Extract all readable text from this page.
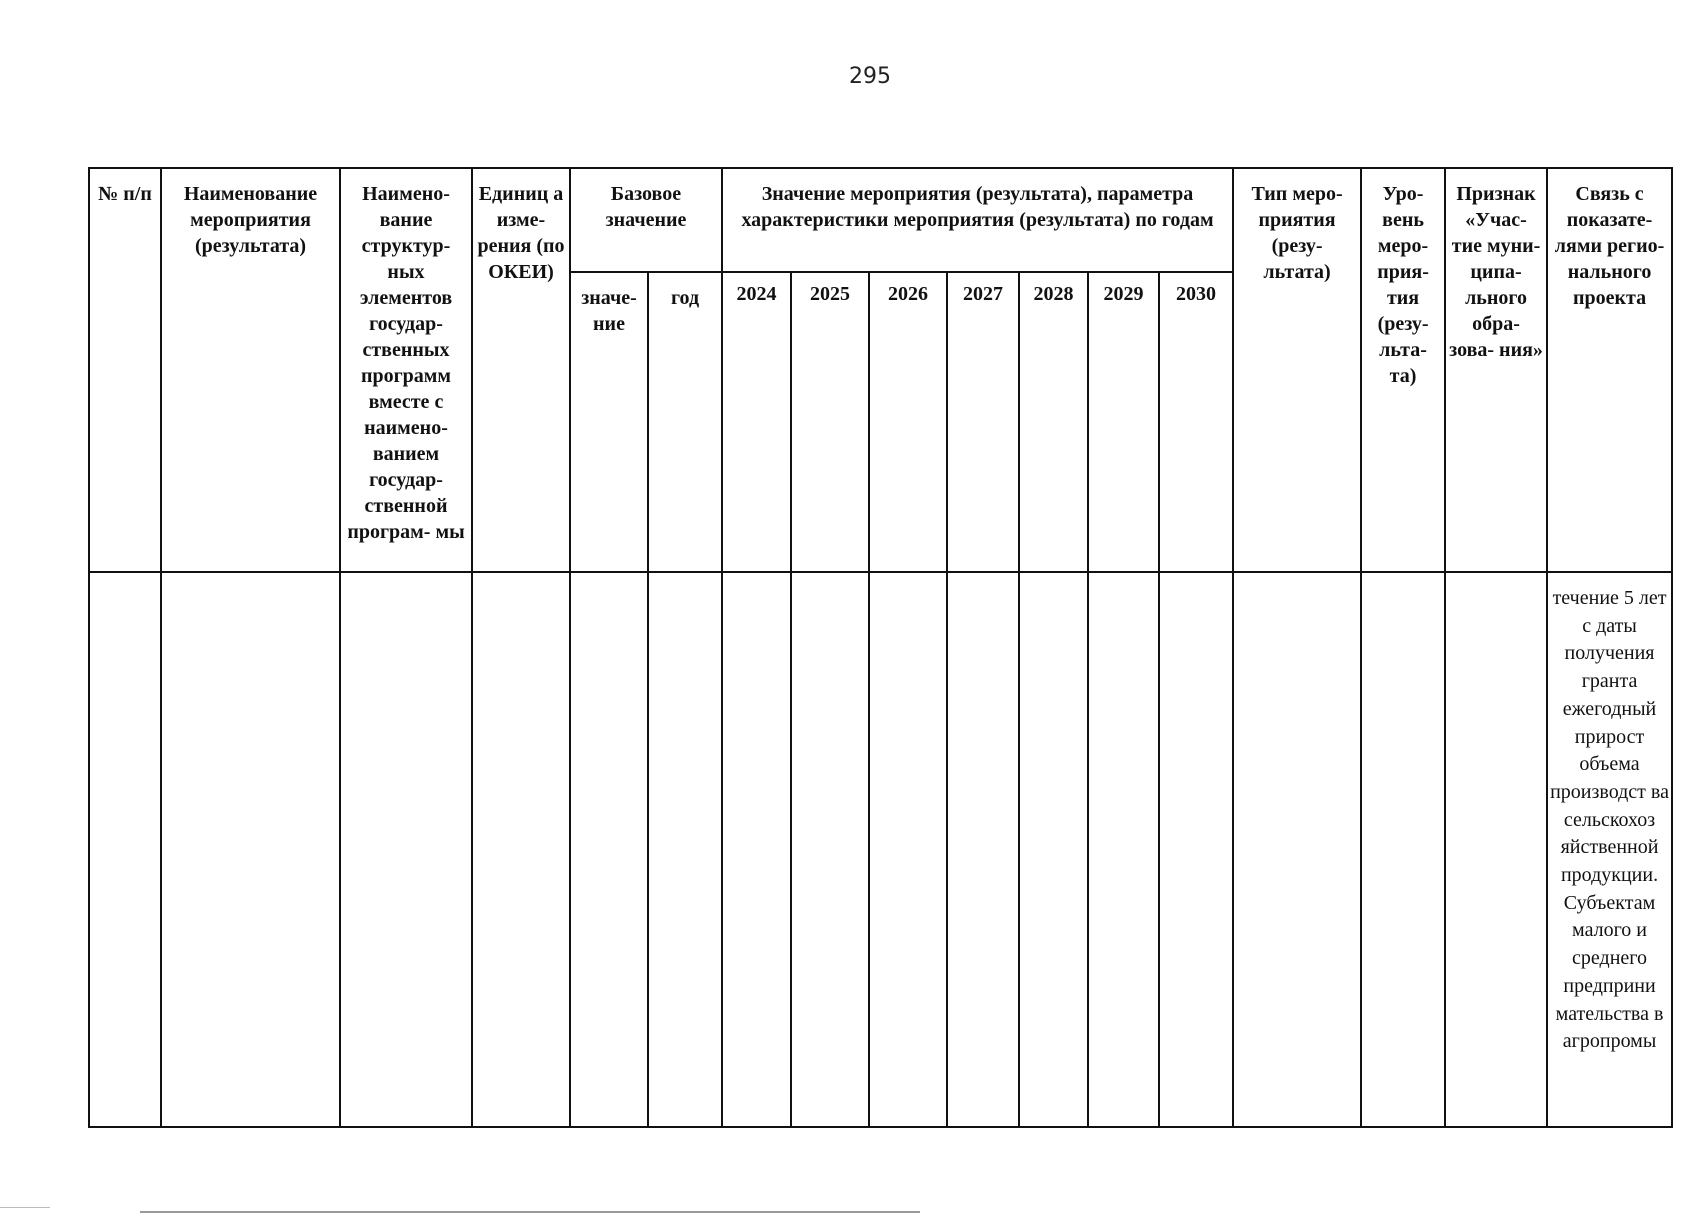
295
№ п/п	Наименование мероприятия (результата)	Наимено- вание структур- ных элементов государ- ственных программ вместе с наимено- ванием государ- ственной програм- мы	Единиц а изме- рения (по ОКЕИ)	Базовое значение		Значение мероприятия (результата), параметра характеристики мероприятия (результата) по годам							Тип меро- приятия (резу- льтата)	Уро- вень меро- прия- тия (резу- льта- та)	Признак «Учас- тие муни- ципа- льного обра- зова- ния»	Связь с показате- лями регио- нального проекта

				значе- ние	год	2024	2025	2026	2027	2028	2029	2030				

																течение 5 лет с даты получения гранта ежегодный прирост объема производст ва сельскохоз яйственной продукции. Субъектам малого и среднего предприни мательства в агропромы
